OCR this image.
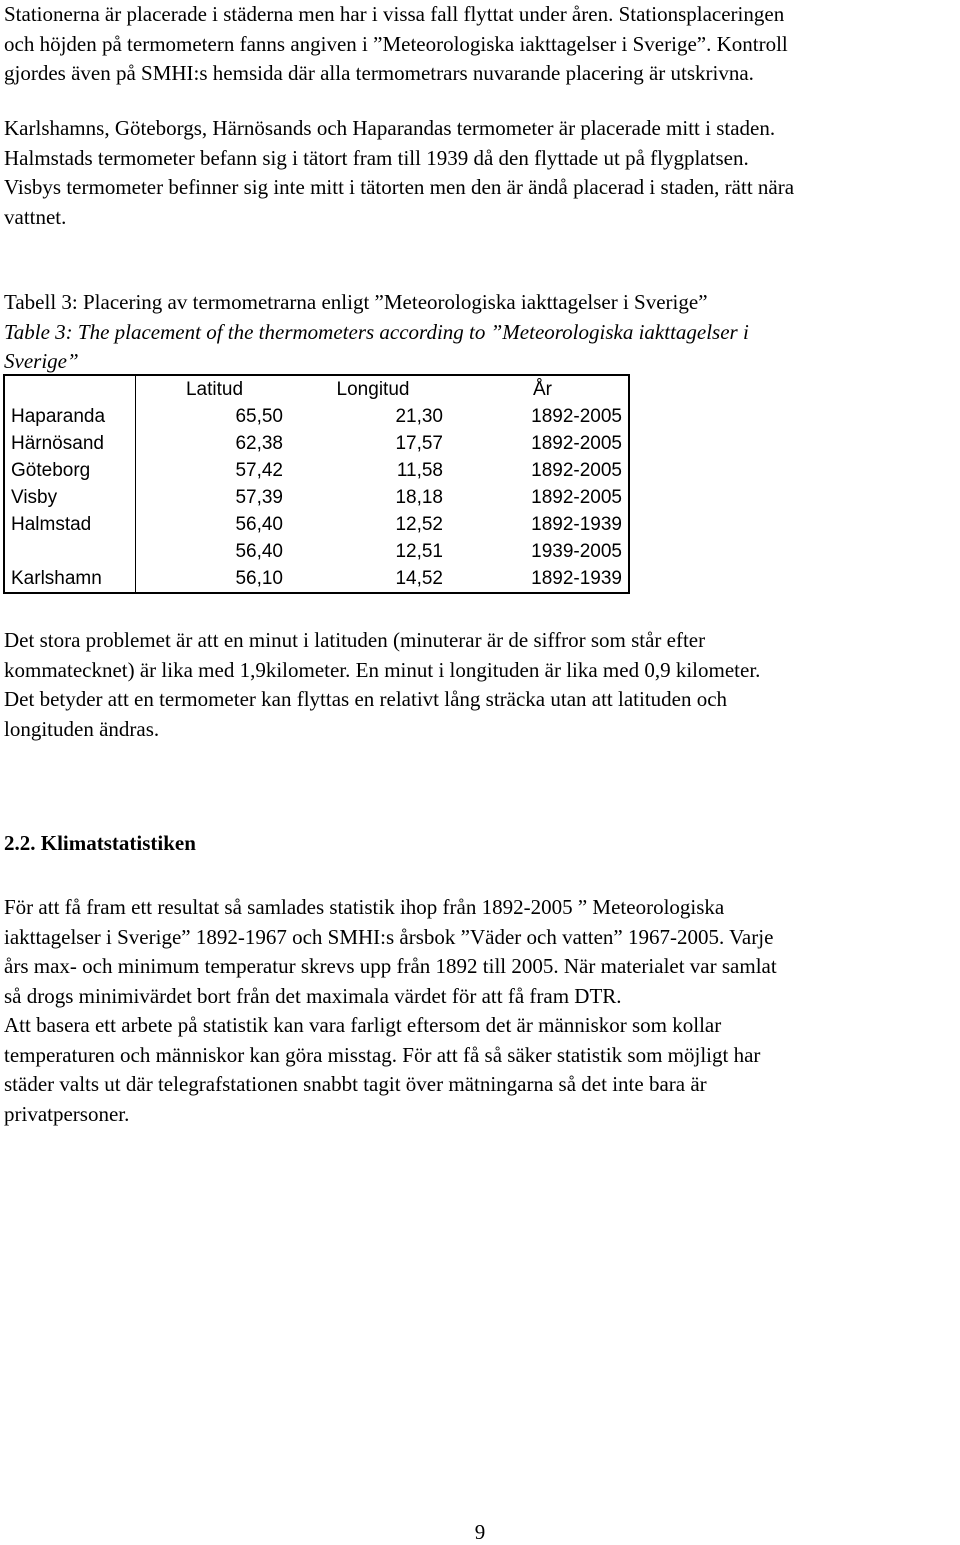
Stationerna är placerade i städerna men har i vissa fall flyttat under åren. Stationsplaceringen
och höjden på termometern fanns angiven i ”Meteorologiska iakttagelser i Sverige”. Kontroll
gjordes även på SMHI:s hemsida där alla termometrars nuvarande placering är utskrivna.
Karlshamns, Göteborgs, Härnösands och Haparandas termometer är placerade mitt i staden.
Halmstads termometer befann sig i tätort fram till 1939 då den flyttade ut på flygplatsen.
Visbys termometer befinner sig inte mitt i tätorten men den är ändå placerad i staden, rätt nära
vattnet.
Tabell 3: Placering av termometrarna enligt ”Meteorologiska iakttagelser i Sverige”
Table 3: The placement of the thermometers according to ”Meteorologiska iakttagelser i
Sverige”
	Latitud	Longitud	År
Haparanda	65,50	21,30	1892-2005
Härnösand	62,38	17,57	1892-2005
Göteborg	57,42	11,58	1892-2005
Visby	57,39	18,18	1892-2005
Halmstad	56,40	12,52	1892-1939
	56,40	12,51	1939-2005
Karlshamn	56,10	14,52	1892-1939
Det stora problemet är att en minut i latituden (minuterar är de siffror som står efter
kommatecknet) är lika med 1,9kilometer. En minut i longituden är lika med 0,9 kilometer.
Det betyder att en termometer kan flyttas en relativt lång sträcka utan att latituden och
longituden ändras.
2.2. Klimatstatistiken
För att få fram ett resultat så samlades statistik ihop från 1892-2005 ” Meteorologiska
iakttagelser i Sverige” 1892-1967 och SMHI:s årsbok ”Väder och vatten” 1967-2005. Varje
års max- och minimum temperatur skrevs upp från 1892 till 2005. När materialet var samlat
så drogs minimivärdet bort från det maximala värdet för att få fram DTR.
Att basera ett arbete på statistik kan vara farligt eftersom det är människor som kollar
temperaturen och människor kan göra misstag. För att få så säker statistik som möjligt har
städer valts ut där telegrafstationen snabbt tagit över mätningarna så det inte bara är
privatpersoner.
9
